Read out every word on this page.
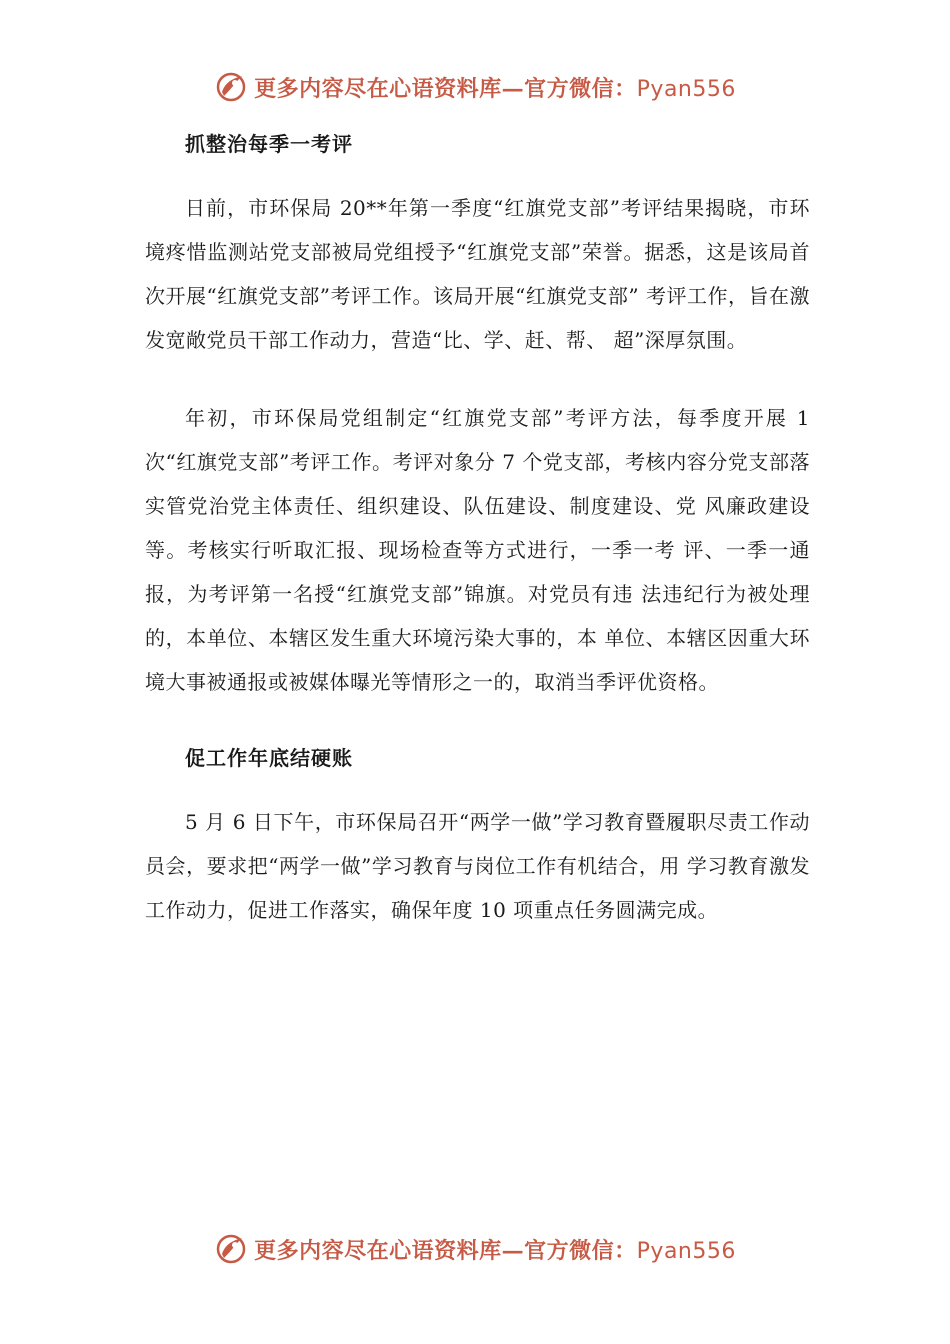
更多内容尽在心语资料库—官方微信：Pyan556
抓整治每季一考评

日前，市环保局 20**年第一季度“红旗党支部”考评结果揭晓，市环境疼惜监测站党支部被局党组授予“红旗党支部”荣誉。据悉，这是该局首次开展“红旗党支部”考评工作。该局开展“红旗党支部” 考评工作，旨在激发宽敞党员干部工作动力，营造“比、学、赶、帮、 超”深厚氛围。

年初，市环保局党组制定“红旗党支部”考评方法，每季度开展 1次“红旗党支部”考评工作。考评对象分 7 个党支部，考核内容分党支部落实管党治党主体责任、组织建设、队伍建设、制度建设、党 风廉政建设等。考核实行听取汇报、现场检查等方式进行，一季一考 评、一季一通报，为考评第一名授“红旗党支部”锦旗。对党员有违 法违纪行为被处理的，本单位、本辖区发生重大环境污染大事的，本 单位、本辖区因重大环境大事被通报或被媒体曝光等情形之一的，取消当季评优资格。

促工作年底结硬账

5 月 6 日下午，市环保局召开“两学一做”学习教育暨履职尽责工作动员会，要求把“两学一做”学习教育与岗位工作有机结合，用 学习教育激发工作动力，促进工作落实，确保年度 10 项重点任务圆满完成。

更多内容尽在心语资料库—官方微信：Pyan556
